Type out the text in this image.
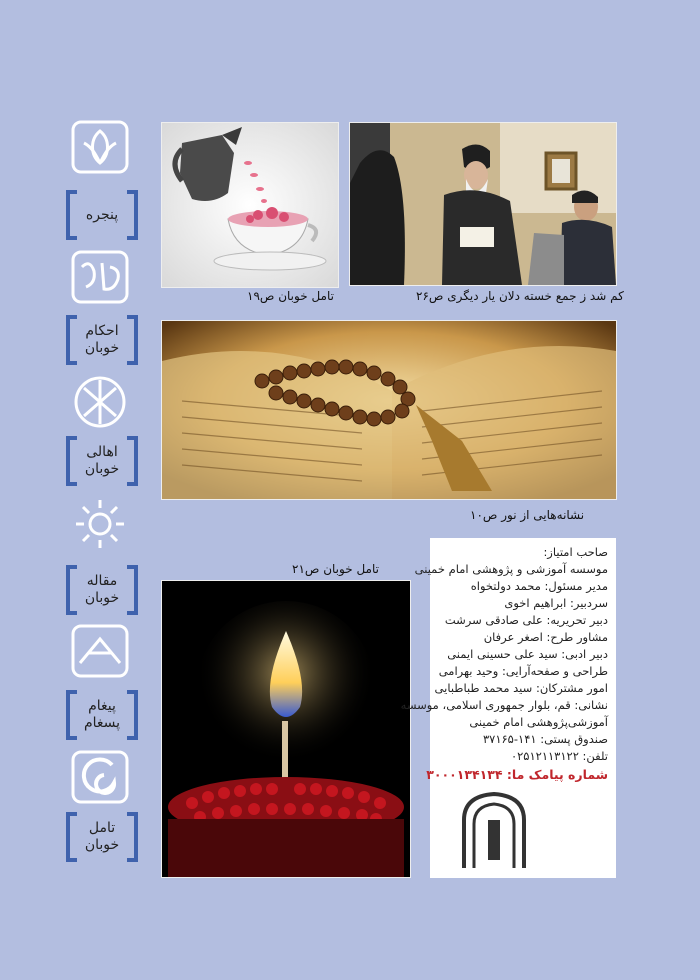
پنجره
احکام خوبان
اهالی خوبان
مقاله خوبان
پیغام پسغام
تامل خوبان
تامل خوبان ص۱۹	کم شد ز جمع خسته دلان یار دیگری ص۲۶
نشانه‌هایی از نور ص۱۰
تامل خوبان ص۲۱
صاحب امتیاز:
موسسه آموزشی و پژوهشی امام خمینی
مدیر مسئول: محمد دولتخواه
سردبیر: ابراهیم اخوی
دبیر تحریریه: علی صادقی سرشت
مشاور طرح: اصغر عرفان
دبیر ادبی: سید علی حسینی ایمنی
طراحی و صفحه‌آرایی: وحید بهرامی
امور مشترکان: سید محمد طباطبایی
نشانی: قم، بلوار جمهوری اسلامی، موسسه
آموزشی‌پژوهشی امام خمینی
صندوق پستی: ۱۴۱-۳۷۱۶۵
تلفن: ۰۲۵۱۲۱۱۳۱۲۲
شماره پیامک ما: ۳۰۰۰۱۳۴۱۳۴
